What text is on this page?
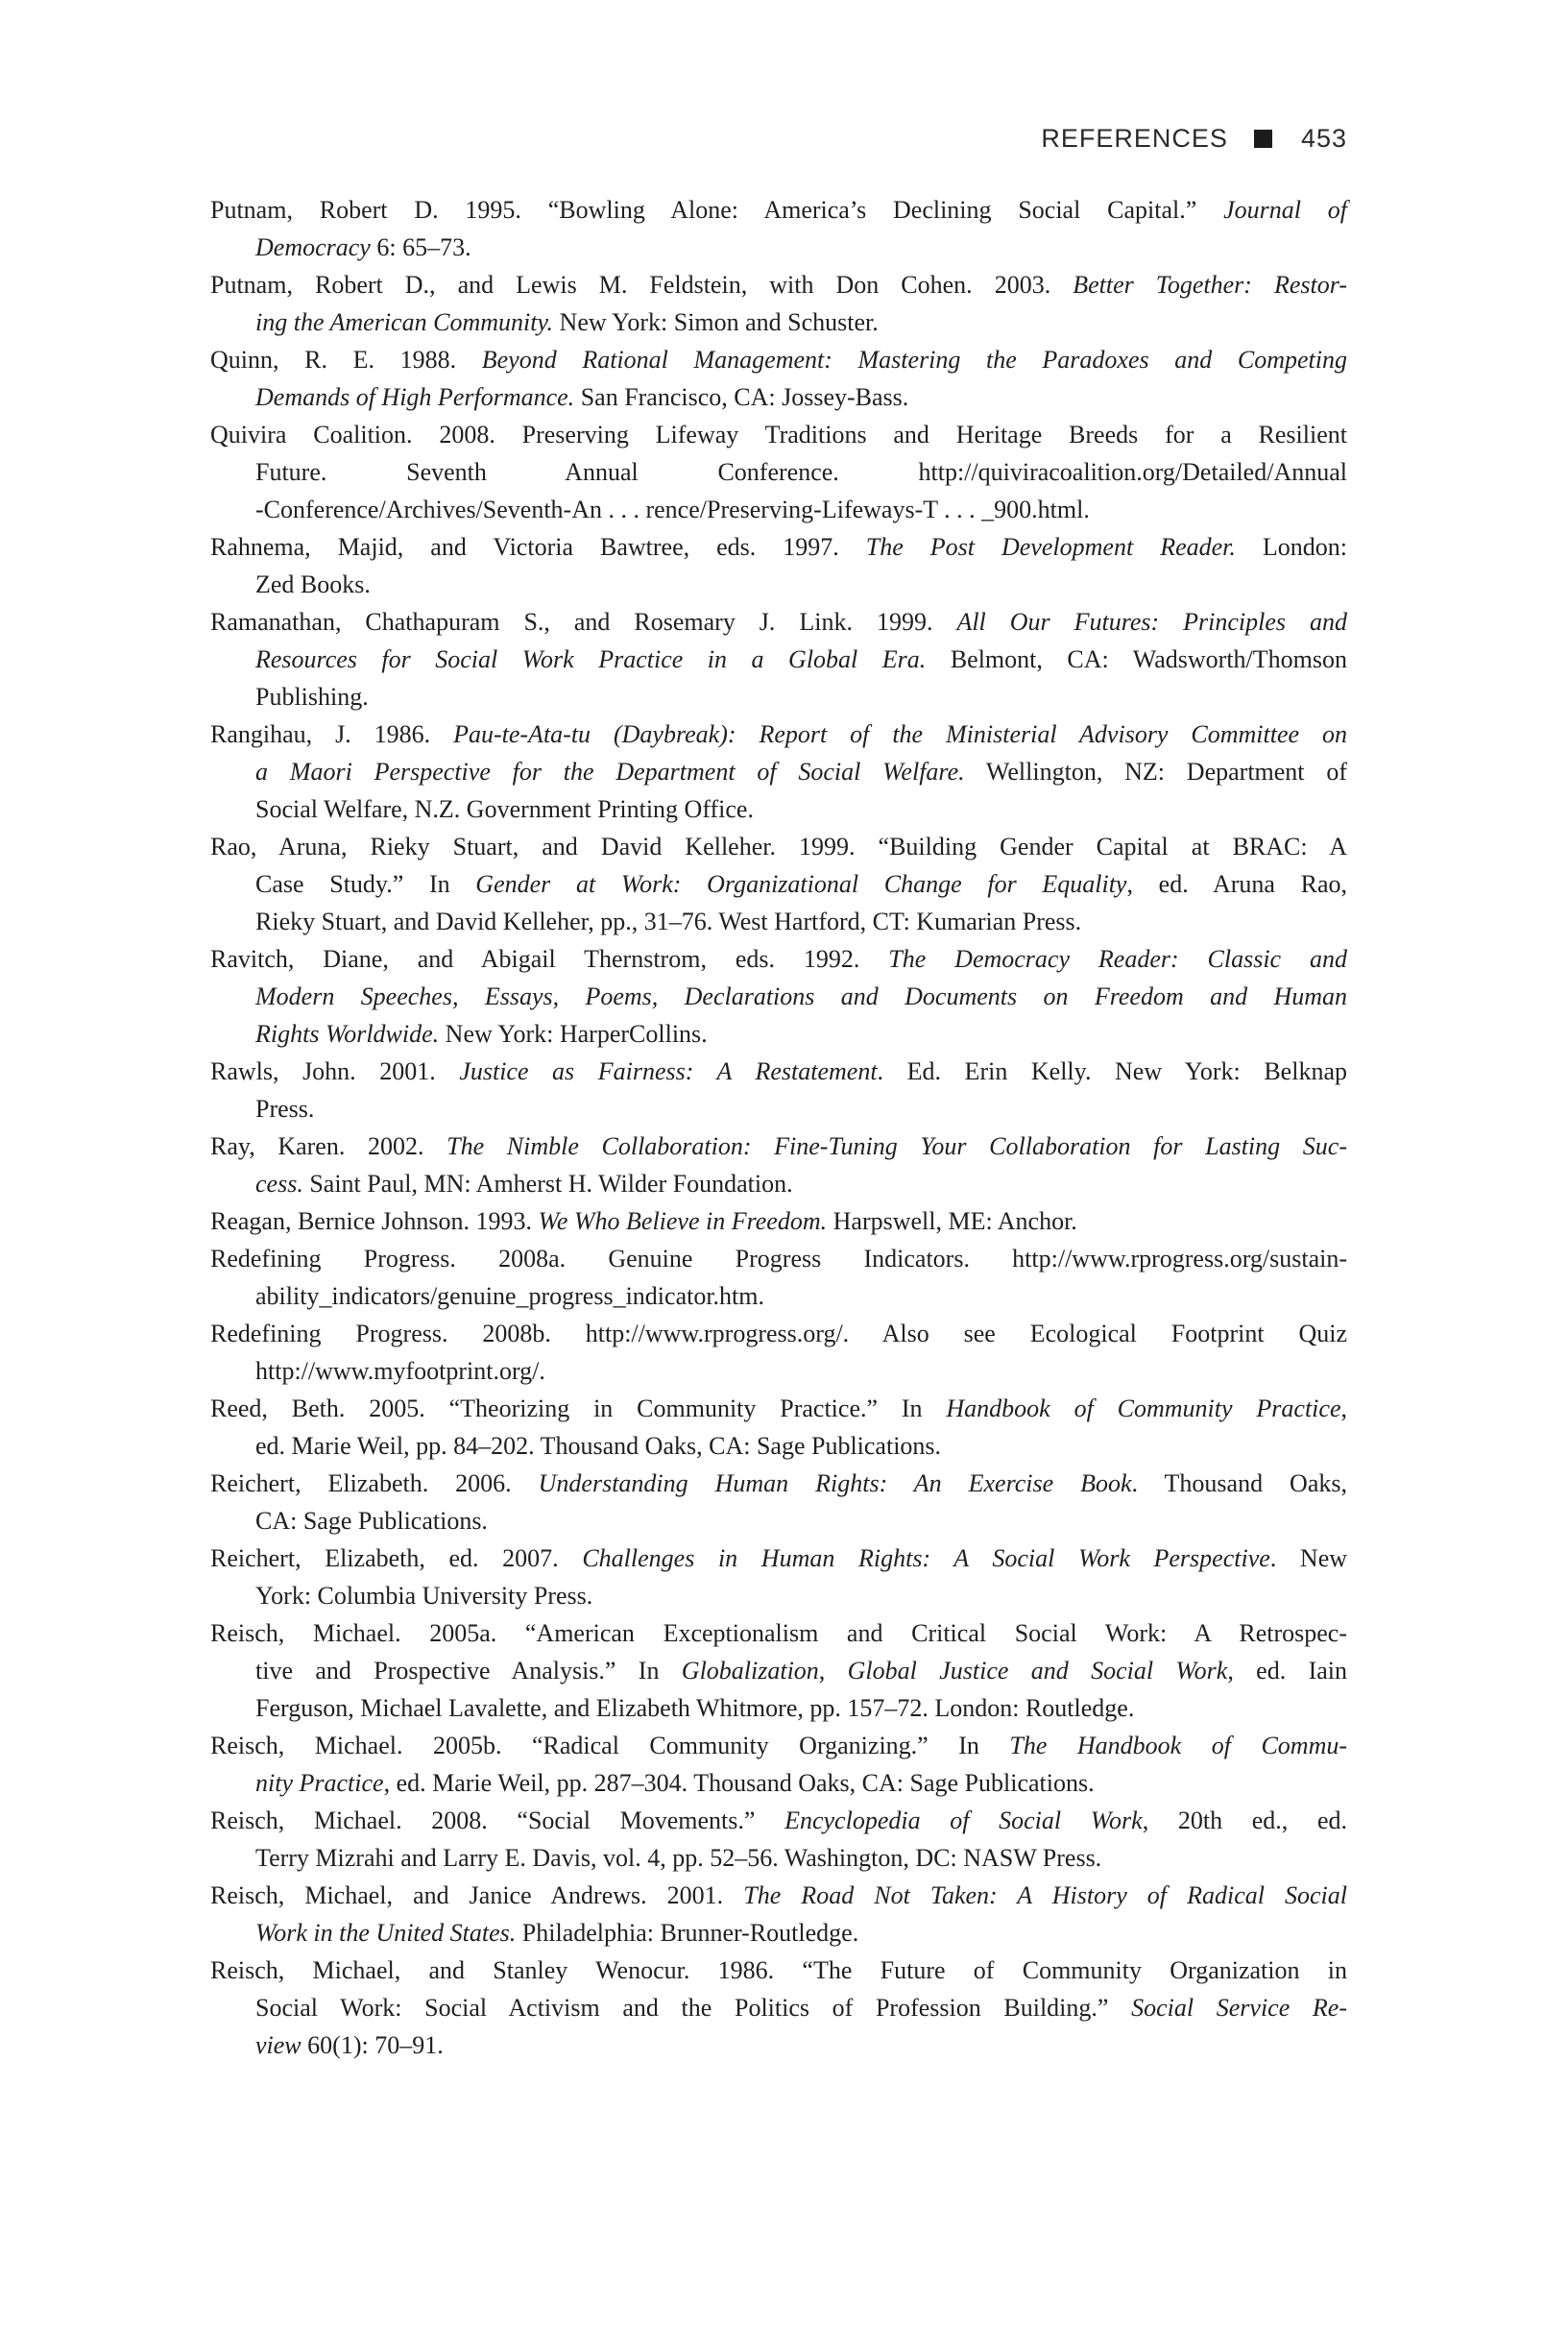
REFERENCES	453
Putnam, Robert D. 1995. “Bowling Alone: America’s Declining Social Capital.” Journal of
Democracy 6: 65–73.
Putnam, Robert D., and Lewis M. Feldstein, with Don Cohen. 2003. Better Together: Restor-
ing the American Community. New York: Simon and Schuster.
Quinn, R. E. 1988. Beyond Rational Management: Mastering the Paradoxes and Competing
Demands of High Performance. San Francisco, CA: Jossey-Bass.
Quivira Coalition. 2008. Preserving Lifeway Traditions and Heritage Breeds for a Resilient
Future. Seventh Annual Conference. http://quiviracoalition.org/Detailed/Annual
-Conference/Archives/Seventh-An . . . rence/Preserving-Lifeways-T . . . _900.html.
Rahnema, Majid, and Victoria Bawtree, eds. 1997. The Post Development Reader. London:
Zed Books.
Ramanathan, Chathapuram S., and Rosemary J. Link. 1999. All Our Futures: Principles and
Resources for Social Work Practice in a Global Era. Belmont, CA: Wadsworth/Thomson
Publishing.
Rangihau, J. 1986. Pau-te-Ata-tu (Daybreak): Report of the Ministerial Advisory Committee on
a Maori Perspective for the Department of Social Welfare. Wellington, NZ: Department of
Social Welfare, N.Z. Government Printing Office.
Rao, Aruna, Rieky Stuart, and David Kelleher. 1999. “Building Gender Capital at BRAC: A
Case Study.” In Gender at Work: Organizational Change for Equality, ed. Aruna Rao,
Rieky Stuart, and David Kelleher, pp., 31–76. West Hartford, CT: Kumarian Press.
Ravitch, Diane, and Abigail Thernstrom, eds. 1992. The Democracy Reader: Classic and
Modern Speeches, Essays, Poems, Declarations and Documents on Freedom and Human
Rights Worldwide. New York: HarperCollins.
Rawls, John. 2001. Justice as Fairness: A Restatement. Ed. Erin Kelly. New York: Belknap
Press.
Ray, Karen. 2002. The Nimble Collaboration: Fine-Tuning Your Collaboration for Lasting Suc-
cess. Saint Paul, MN: Amherst H. Wilder Foundation.
Reagan, Bernice Johnson. 1993. We Who Believe in Freedom. Harpswell, ME: Anchor.
Redefining Progress. 2008a. Genuine Progress Indicators. http://www.rprogress.org/sustain-
ability_indicators/genuine_progress_indicator.htm.
Redefining Progress. 2008b. http://www.rprogress.org/. Also see Ecological Footprint Quiz
http://www.myfootprint.org/.
Reed, Beth. 2005. “Theorizing in Community Practice.” In Handbook of Community Practice,
ed. Marie Weil, pp. 84–202. Thousand Oaks, CA: Sage Publications.
Reichert, Elizabeth. 2006. Understanding Human Rights: An Exercise Book. Thousand Oaks,
CA: Sage Publications.
Reichert, Elizabeth, ed. 2007. Challenges in Human Rights: A Social Work Perspective. New
York: Columbia University Press.
Reisch, Michael. 2005a. “American Exceptionalism and Critical Social Work: A Retrospec-
tive and Prospective Analysis.” In Globalization, Global Justice and Social Work, ed. Iain
Ferguson, Michael Lavalette, and Elizabeth Whitmore, pp. 157–72. London: Routledge.
Reisch, Michael. 2005b. “Radical Community Organizing.” In The Handbook of Commu-
nity Practice, ed. Marie Weil, pp. 287–304. Thousand Oaks, CA: Sage Publications.
Reisch, Michael. 2008. “Social Movements.” Encyclopedia of Social Work, 20th ed., ed.
Terry Mizrahi and Larry E. Davis, vol. 4, pp. 52–56. Washington, DC: NASW Press.
Reisch, Michael, and Janice Andrews. 2001. The Road Not Taken: A History of Radical Social
Work in the United States. Philadelphia: Brunner-Routledge.
Reisch, Michael, and Stanley Wenocur. 1986. “The Future of Community Organization in
Social Work: Social Activism and the Politics of Profession Building.” Social Service Re-
view 60(1): 70–91.
